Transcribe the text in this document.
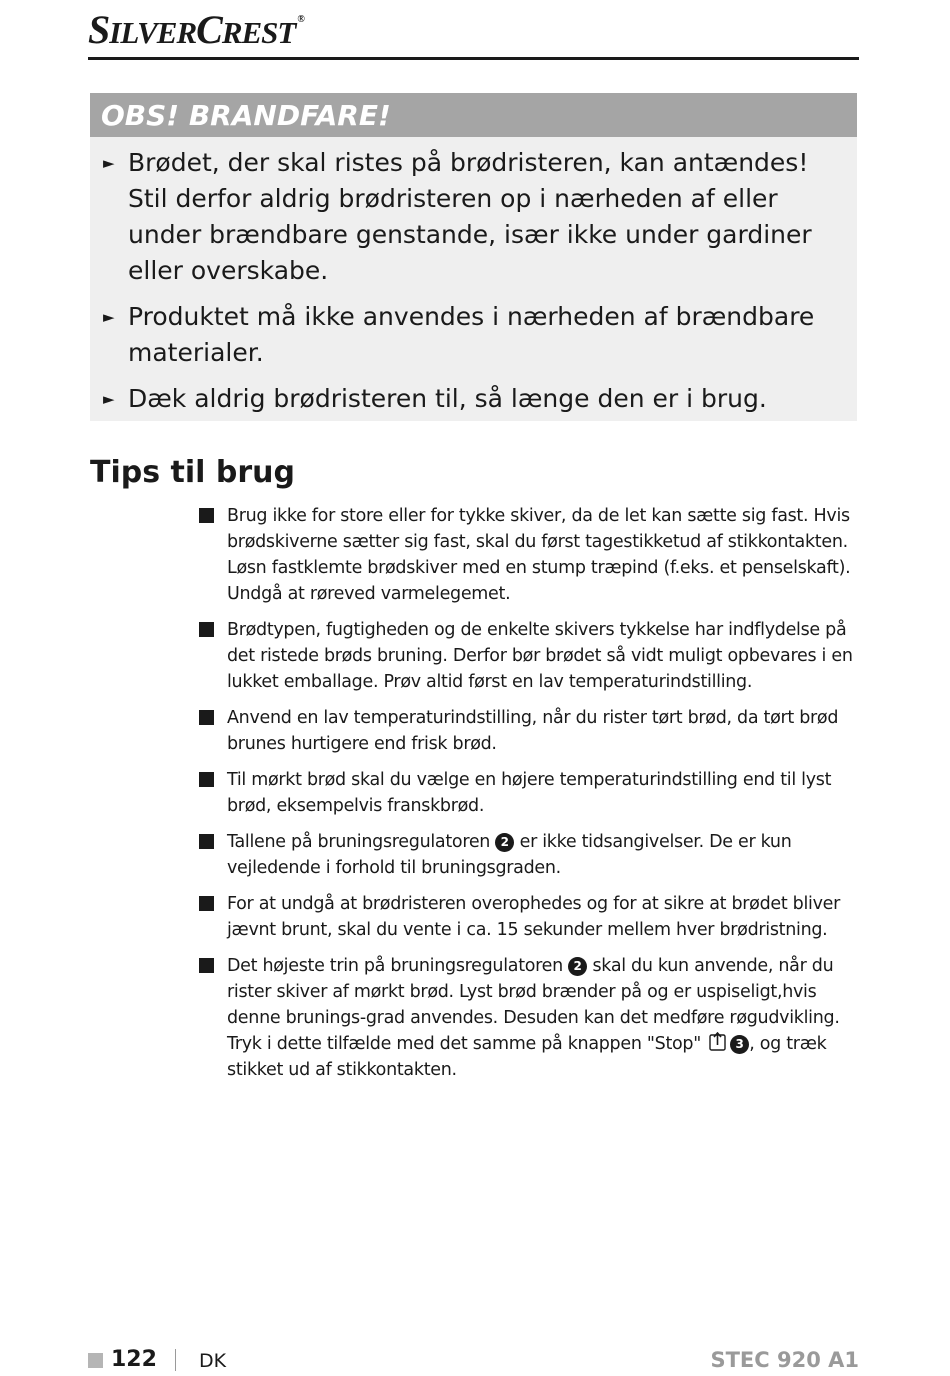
SILVERCREST ®
OBS! BRANDFARE!
► Brødet, der skal ristes på brødristeren, kan antændes! Stil derfor aldrig brødristeren op i nærheden af eller under brændbare genstande, især ikke under gardiner eller overskabe.
► Produktet må ikke anvendes i nærheden af brændbare materialer.
► Dæk aldrig brødristeren til, så længe den er i brug.
Tips til brug
Brug ikke for store eller for tykke skiver, da de let kan sætte sig fast. Hvis brødskiverne sætter sig fast, skal du først tagestikketud af stikkontakten. Løsn fastklemte brødskiver med en stump træpind (f.eks. et penselskaft). Undgå at røreved varmelegemet.
Brødtypen, fugtigheden og de enkelte skivers tykkelse har indflydelse på det ristede brøds bruning. Derfor bør brødet så vidt muligt opbevares i en lukket emballage. Prøv altid først en lav temperaturindstilling.
Anvend en lav temperaturindstilling, når du rister tørt brød, da tørt brød brunes hurtigere end frisk brød.
Til mørkt brød skal du vælge en højere temperaturindstilling end til lyst brød, eksempelvis franskbrød.
Tallene på bruningsregulatoren 2 er ikke tidsangivelser. De er kun vejledende i forhold til bruningsgraden.
For at undgå at brødristeren overophedes og for at sikre at brødet bliver jævnt brunt, skal du vente i ca. 15 sekunder mellem hver brødristning.
Det højeste trin på bruningsregulatoren 2 skal du kun anvende, når du rister skiver af mørkt brød. Lyst brød brænder på og er uspiseligt,hvis denne brunings-grad anvendes. Desuden kan det medføre røgudvikling. Tryk i dette tilfælde med det samme på knappen "Stop"	3 , og træk stikket ud af stikkontakten.
122 DK	STEC 920 A1
